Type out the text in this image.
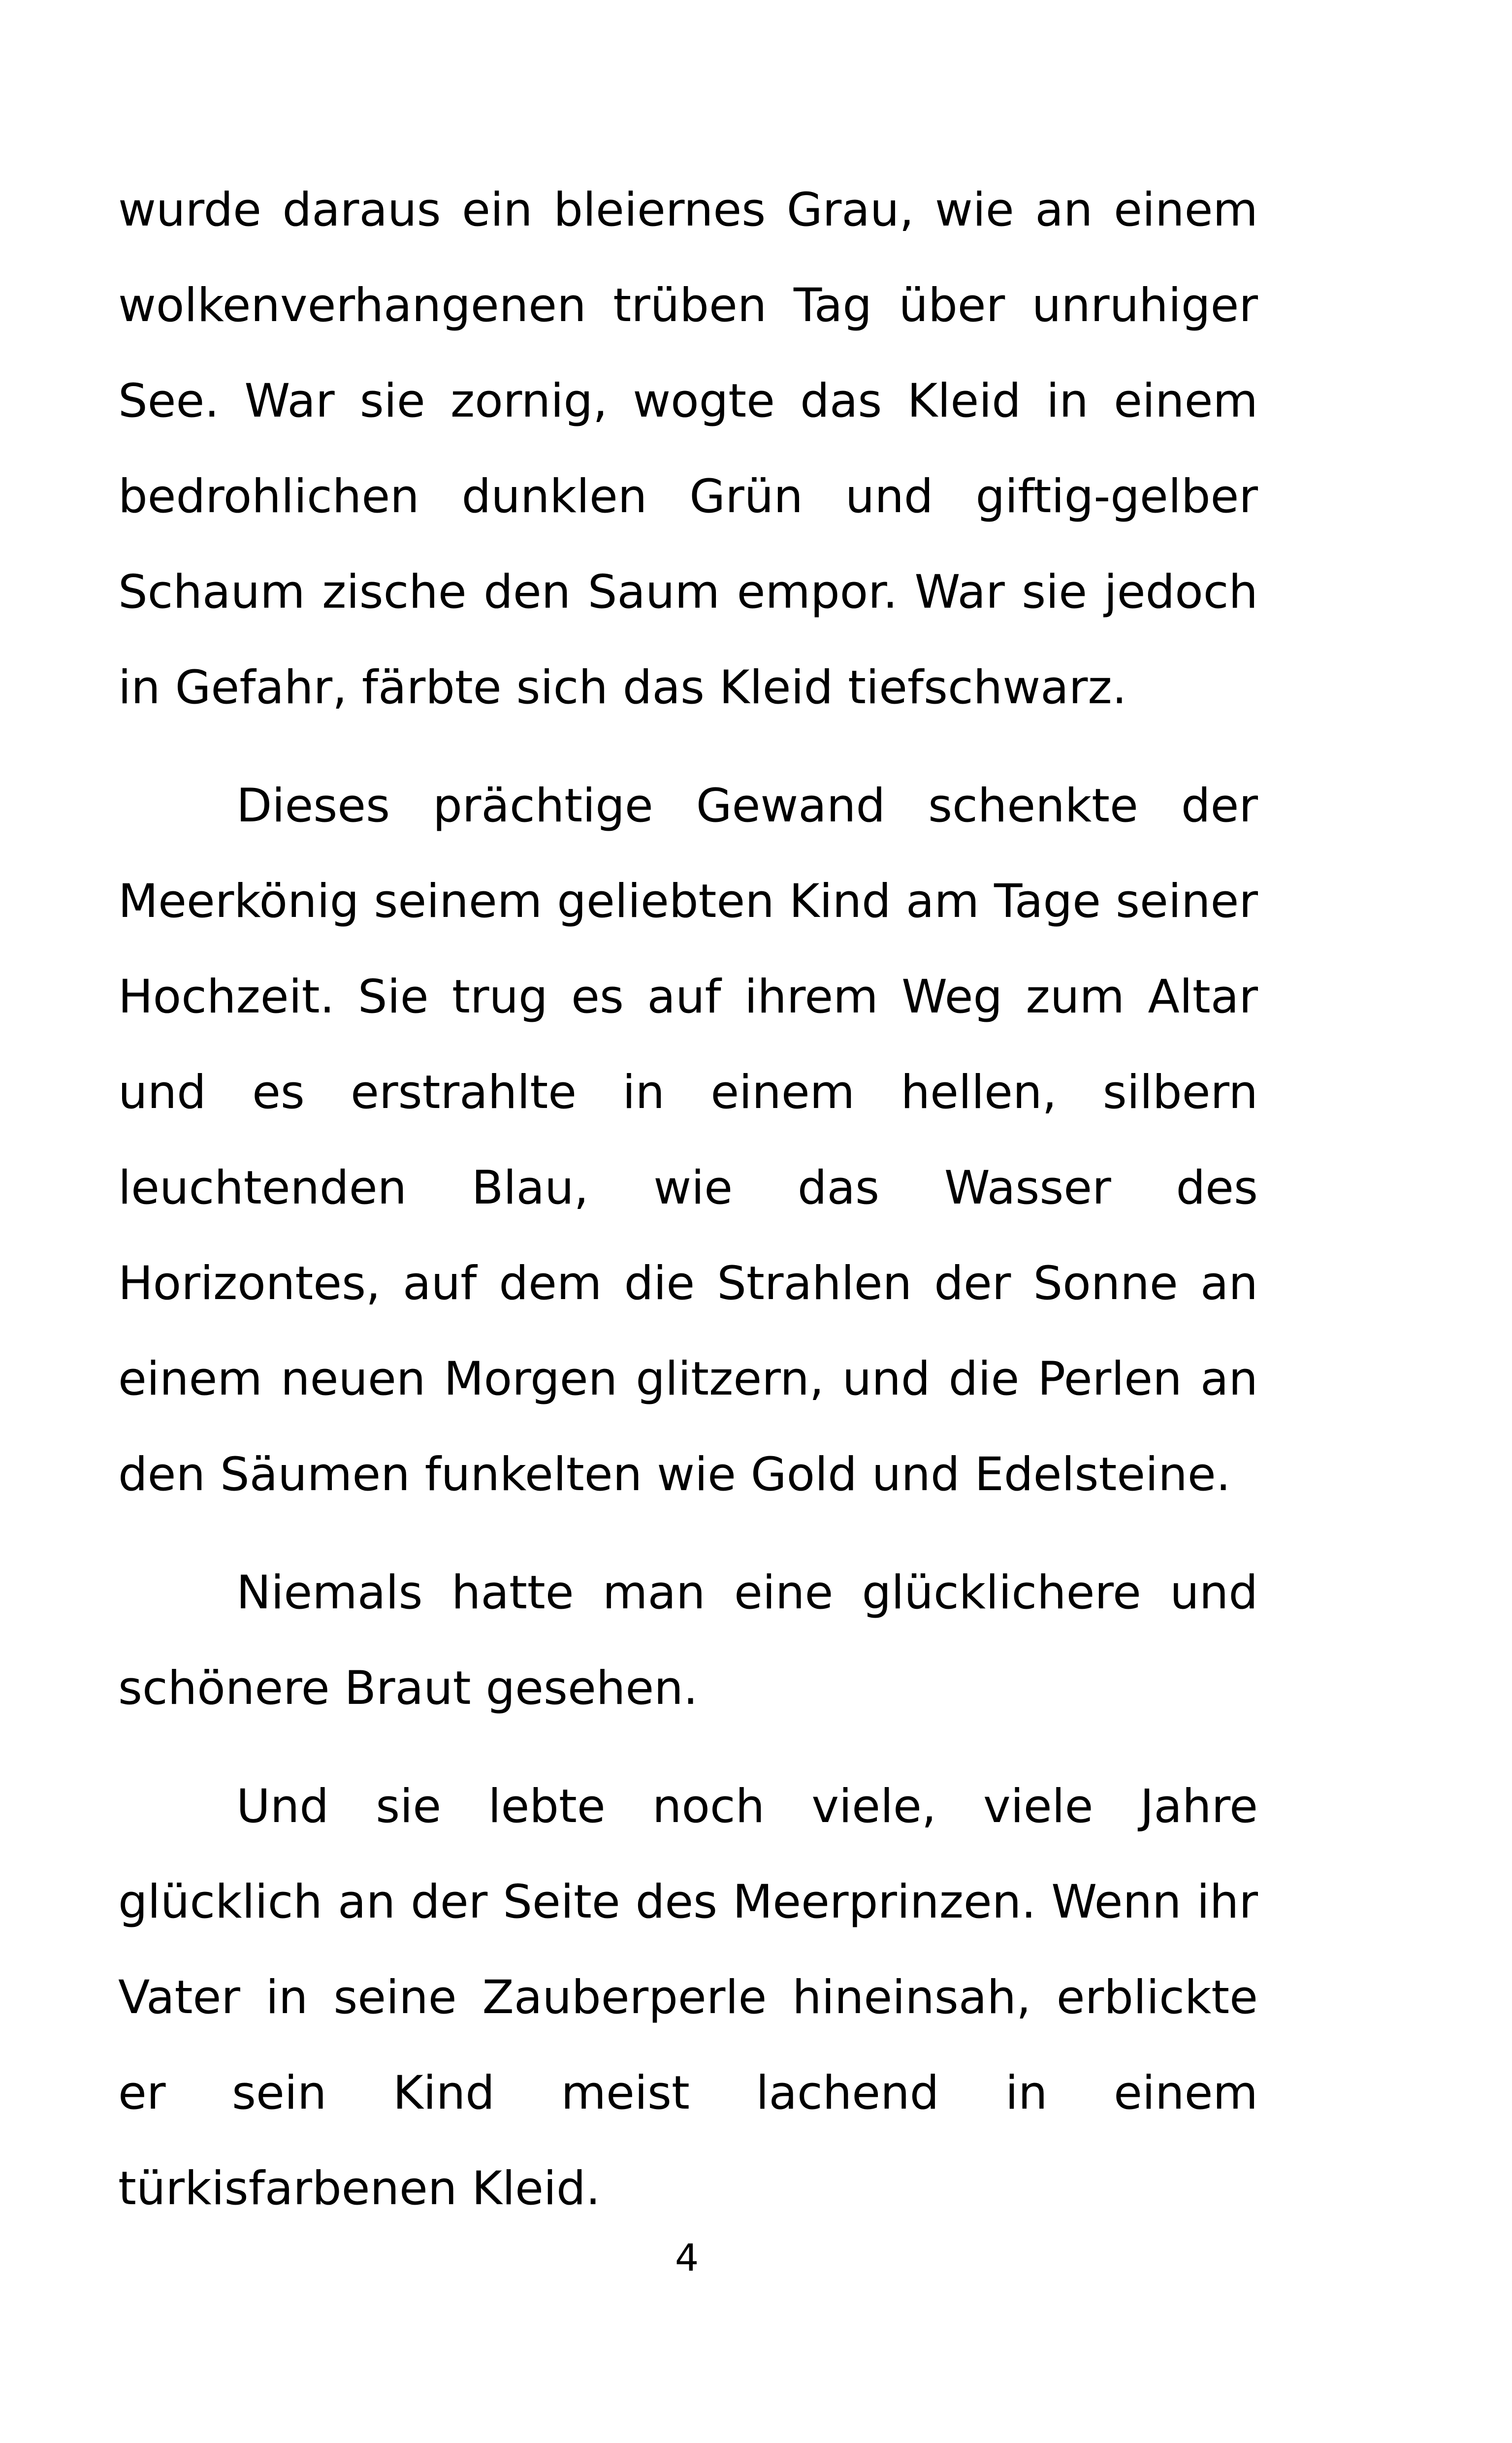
wurde daraus ein bleiernes Grau, wie an einem wolkenverhangenen trüben Tag über unruhiger See. War sie zornig, wogte das Kleid in einem bedrohlichen dunklen Grün und giftig-gelber Schaum zische den Saum empor. War sie jedoch in Gefahr, färbte sich das Kleid tiefschwarz.

Dieses prächtige Gewand schenkte der Meerkönig seinem geliebten Kind am Tage seiner Hochzeit. Sie trug es auf ihrem Weg zum Altar und es erstrahlte in einem hellen, silbern leuchtenden Blau, wie das Wasser des Horizontes, auf dem die Strahlen der Sonne an einem neuen Morgen glitzern, und die Perlen an den Säumen funkelten wie Gold und Edelsteine.

Niemals hatte man eine glücklichere und schönere Braut gesehen.

Und sie lebte noch viele, viele Jahre glücklich an der Seite des Meerprinzen. Wenn ihr Vater in seine Zauberperle hineinsah, erblickte er sein Kind meist lachend in einem türkisfarbenen Kleid.

4
